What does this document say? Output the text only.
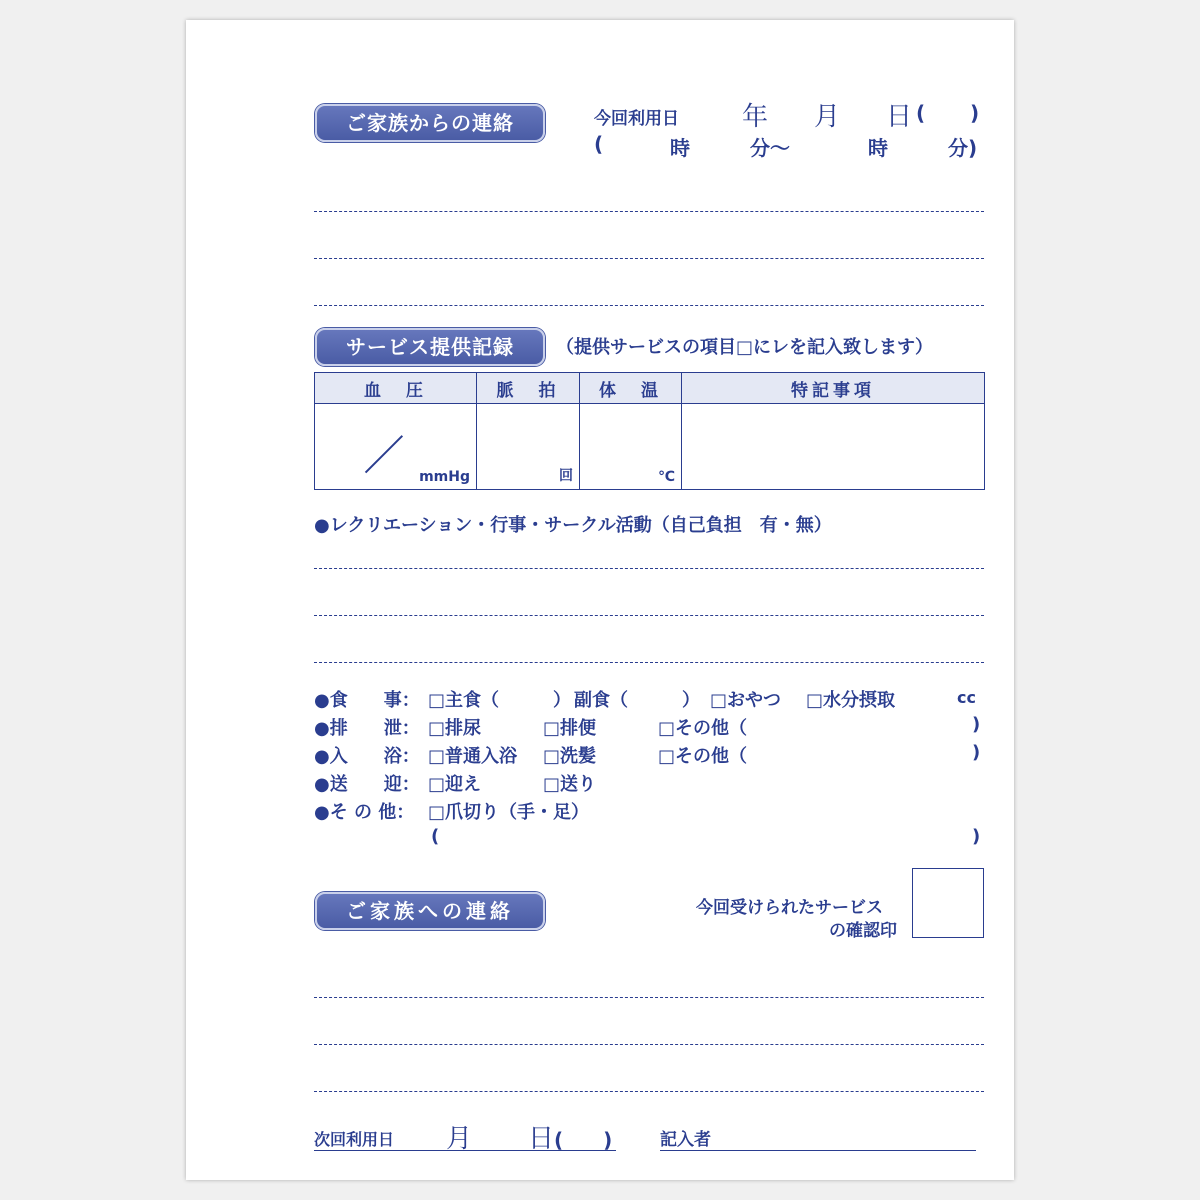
ご家族からの連絡	今回利用日 年 月 日 ( )
(	時	分～	時	分)
サービス提供記録	（提供サービスの項目□にレを記入致します）
血　圧	脈　拍	体　温	特記事項

mmHg	回	℃	

●レクリエーション・行事・サークル活動（自己負担　有・無）
●食　　事： □主食（　　　） 副食（　　　） □おやつ □水分摂取	cc
●排　　泄： □排尿	□排便	□その他（	)
●入　　浴： □普通入浴 □洗髪	□その他（	)
●送　　迎： □迎え	□送り
●そ の 他： □爪切り（手・足）
(	)
ご家族への連絡	今回受けられたサービス
の確認印
次回利用日 月 日 (　　)	記入者
